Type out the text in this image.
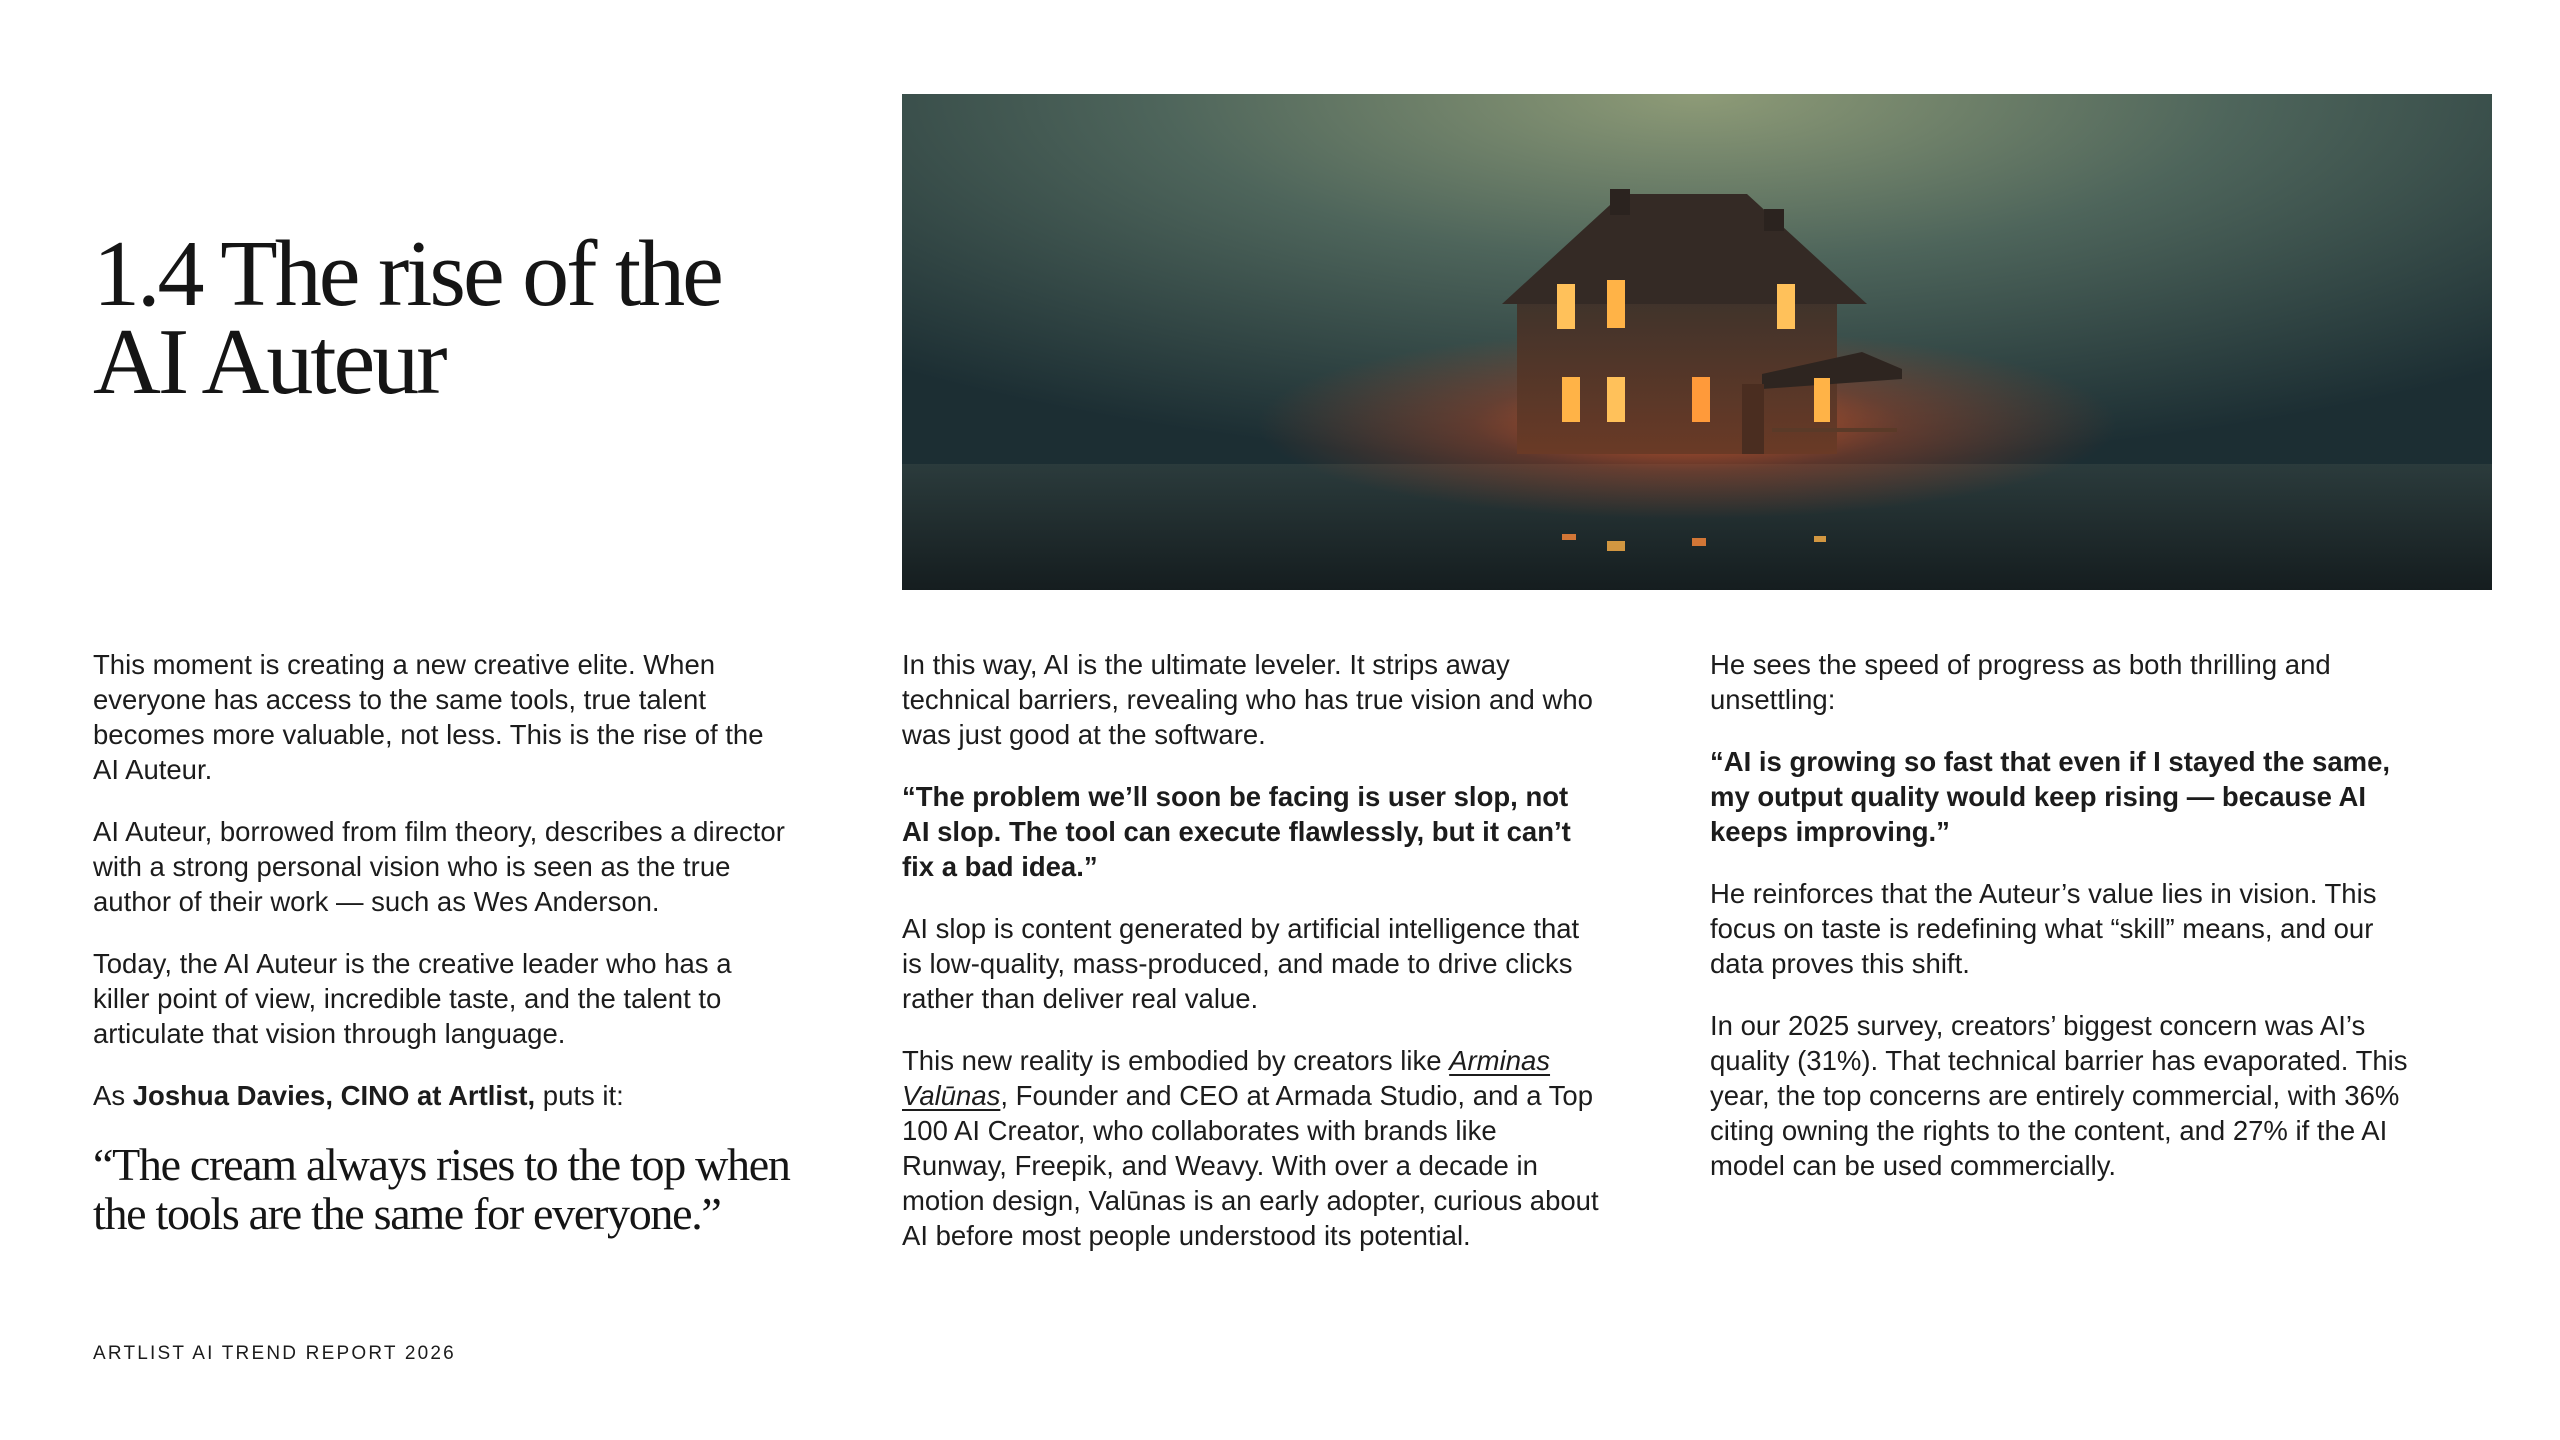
1.4 The rise of the
AI Auteur

This moment is creating a new creative elite. When everyone has access to the same tools, true talent becomes more valuable, not less. This is the rise of the AI Auteur.

AI Auteur, borrowed from film theory, describes a director with a strong personal vision who is seen as the true author of their work — such as Wes Anderson.

Today, the AI Auteur is the creative leader who has a killer point of view, incredible taste, and the talent to articulate that vision through language.

As Joshua Davies, CINO at Artlist, puts it:

“The cream always rises to the top when the tools are the same for everyone.”

In this way, AI is the ultimate leveler. It strips away technical barriers, revealing who has true vision and who was just good at the software.

“The problem we’ll soon be facing is user slop, not AI slop. The tool can execute flawlessly, but it can’t fix a bad idea.”

AI slop is content generated by artificial intelligence that is low-quality, mass-produced, and made to drive clicks rather than deliver real value.

This new reality is embodied by creators like Arminas Valūnas, Founder and CEO at Armada Studio, and a Top 100 AI Creator, who collaborates with brands like Runway, Freepik, and Weavy. With over a decade in motion design, Valūnas is an early adopter, curious about AI before most people understood its potential.

He sees the speed of progress as both thrilling and unsettling:

“AI is growing so fast that even if I stayed the same, my output quality would keep rising — because AI keeps improving.”

He reinforces that the Auteur’s value lies in vision. This focus on taste is redefining what “skill” means, and our data proves this shift.

In our 2025 survey, creators’ biggest concern was AI’s quality (31%). That technical barrier has evaporated. This year, the top concerns are entirely commercial, with 36% citing owning the rights to the content, and 27% if the AI model can be used commercially.

ARTLIST AI TREND REPORT 2026
